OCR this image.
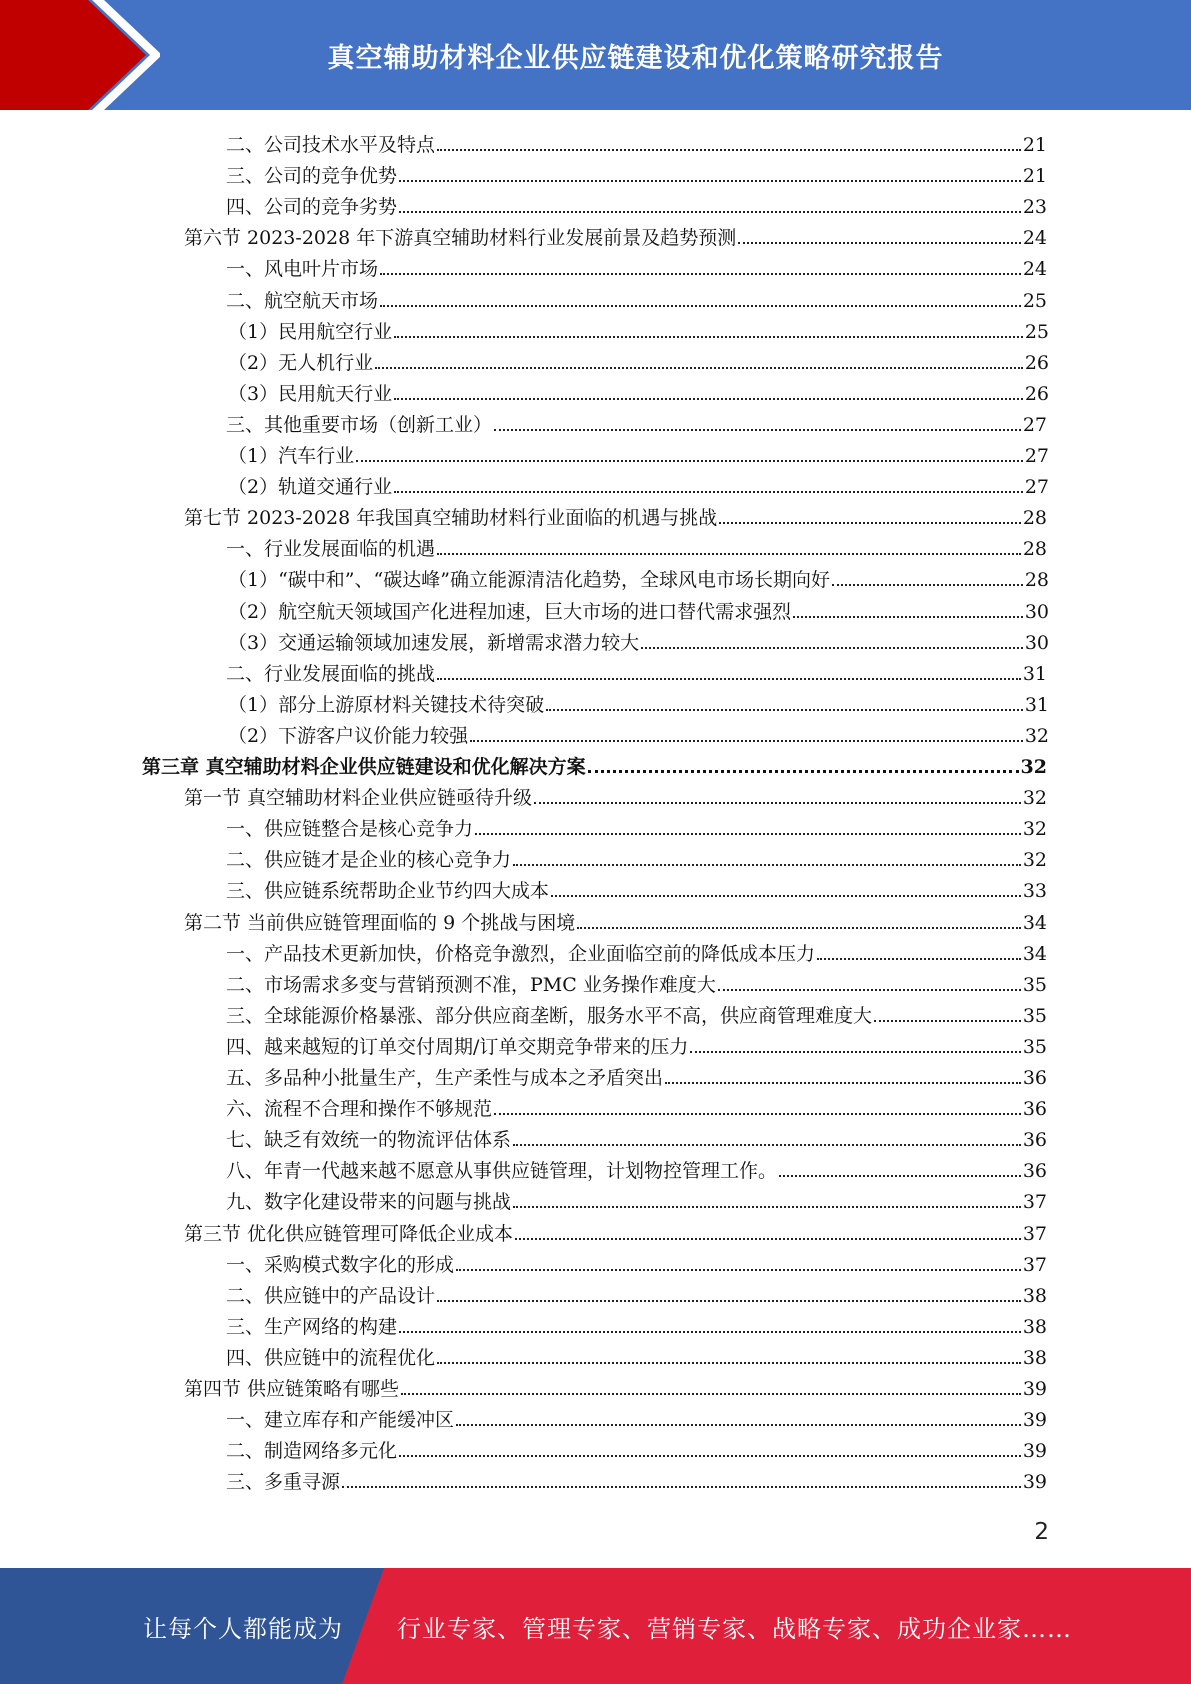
真空辅助材料企业供应链建设和优化策略研究报告
二、公司技术水平及特点	21
三、公司的竞争优势	21
四、公司的竞争劣势	23
第六节 2023-2028 年下游真空辅助材料行业发展前景及趋势预测	24
一、风电叶片市场	24
二、航空航天市场	25
（1）民用航空行业	25
（2）无人机行业	26
（3）民用航天行业	26
三、其他重要市场（创新工业）	27
（1）汽车行业	27
（2）轨道交通行业	27
第七节 2023-2028 年我国真空辅助材料行业面临的机遇与挑战	28
一、行业发展面临的机遇	28
（1）“碳中和”、“碳达峰”确立能源清洁化趋势，全球风电市场长期向好	28
（2）航空航天领域国产化进程加速，巨大市场的进口替代需求强烈	30
（3）交通运输领域加速发展，新增需求潜力较大	30
二、行业发展面临的挑战	31
（1）部分上游原材料关键技术待突破	31
（2）下游客户议价能力较强	32
第三章 真空辅助材料企业供应链建设和优化解决方案	32
第一节 真空辅助材料企业供应链亟待升级	32
一、供应链整合是核心竞争力	32
二、供应链才是企业的核心竞争力	32
三、供应链系统帮助企业节约四大成本	33
第二节 当前供应链管理面临的 9 个挑战与困境	34
一、产品技术更新加快，价格竞争激烈，企业面临空前的降低成本压力	34
二、市场需求多变与营销预测不准，PMC 业务操作难度大	35
三、全球能源价格暴涨、部分供应商垄断，服务水平不高，供应商管理难度大	35
四、越来越短的订单交付周期/订单交期竞争带来的压力	35
五、多品种小批量生产，生产柔性与成本之矛盾突出	36
六、流程不合理和操作不够规范	36
七、缺乏有效统一的物流评估体系	36
八、年青一代越来越不愿意从事供应链管理，计划物控管理工作。	36
九、数字化建设带来的问题与挑战	37
第三节 优化供应链管理可降低企业成本	37
一、采购模式数字化的形成	37
二、供应链中的产品设计	38
三、生产网络的构建	38
四、供应链中的流程优化	38
第四节 供应链策略有哪些	39
一、建立库存和产能缓冲区	39
二、制造网络多元化	39
三、多重寻源	39
2
让每个人都能成为 行业专家、管理专家、营销专家、战略专家、成功企业家……
